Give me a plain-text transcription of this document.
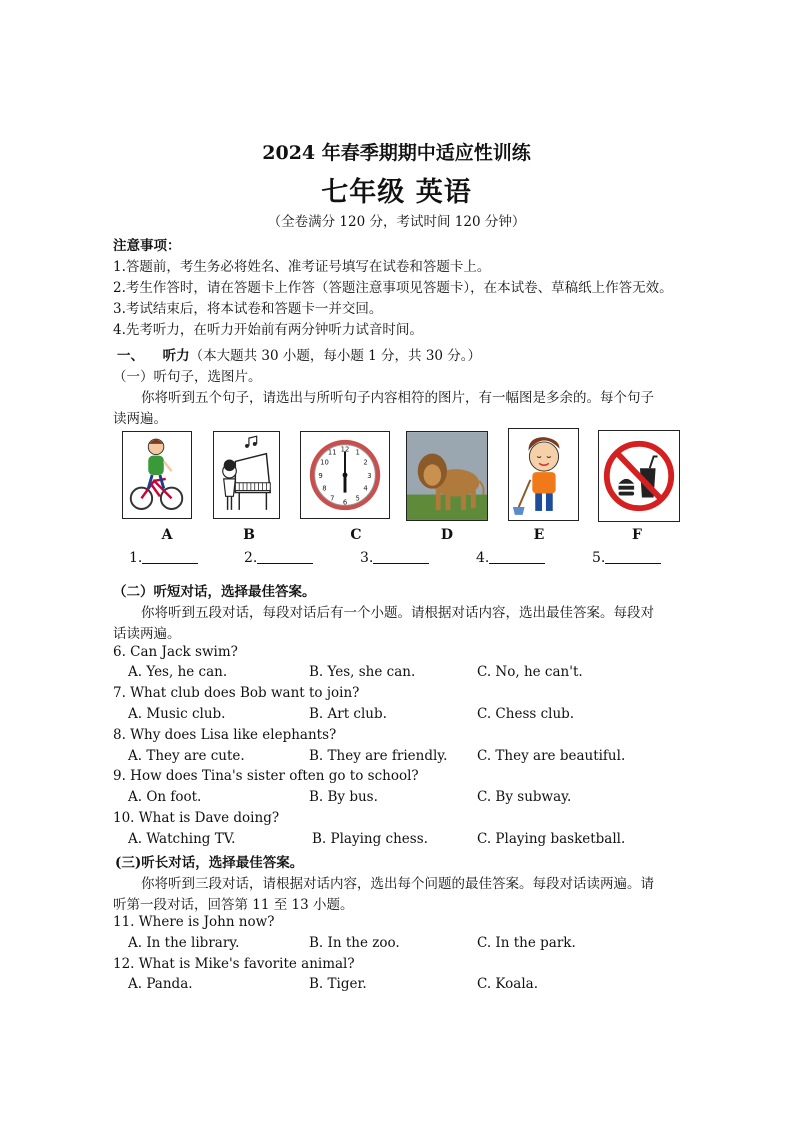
2024 年春季期期中适应性训练
七年级 英语
（全卷满分 120 分，考试时间 120 分钟）
注意事项：
1.答题前，考生务必将姓名、准考证号填写在试卷和答题卡上。
2.考生作答时，请在答题卡上作答（答题注意事项见答题卡），在本试卷、草稿纸上作答无效。
3.考试结束后，将本试卷和答题卡一并交回。
4.先考听力，在听力开始前有两分钟听力试音时间。
一、 听力（本大题共 30 小题，每小题 1 分，共 30 分。）
（一）听句子，选图片。
你将听到五个句子，请选出与所听句子内容相符的图片，有一幅图是多余的。每个句子
读两遍。
12 1
2
3
4
5
6
7
8
9
10
11
A	B	C	D	E	F
1.	2.	3.	4.	5.
（二）听短对话，选择最佳答案。
你将听到五段对话，每段对话后有一个小题。请根据对话内容，选出最佳答案。每段对
话读两遍。
6. Can Jack swim?
A. Yes, he can.	B. Yes, she can.	C. No, he can't.
7. What club does Bob want to join?
A. Music club.	B. Art club.	C. Chess club.
8. Why does Lisa like elephants?
A. They are cute.	B. They are friendly. C. They are beautiful.
9. How does Tina's sister often go to school?
A. On foot.	B. By bus.	C. By subway.
10. What is Dave doing?
A. Watching TV.	B. Playing chess.	C. Playing basketball.
(三)听长对话，选择最佳答案。
你将听到三段对话，请根据对话内容，选出每个问题的最佳答案。每段对话读两遍。请
听第一段对话，回答第 11 至 13 小题。
11. Where is John now?
A. In the library.	B. In the zoo.	C. In the park.
12. What is Mike's favorite animal?
A. Panda.	B. Tiger.	C. Koala.
